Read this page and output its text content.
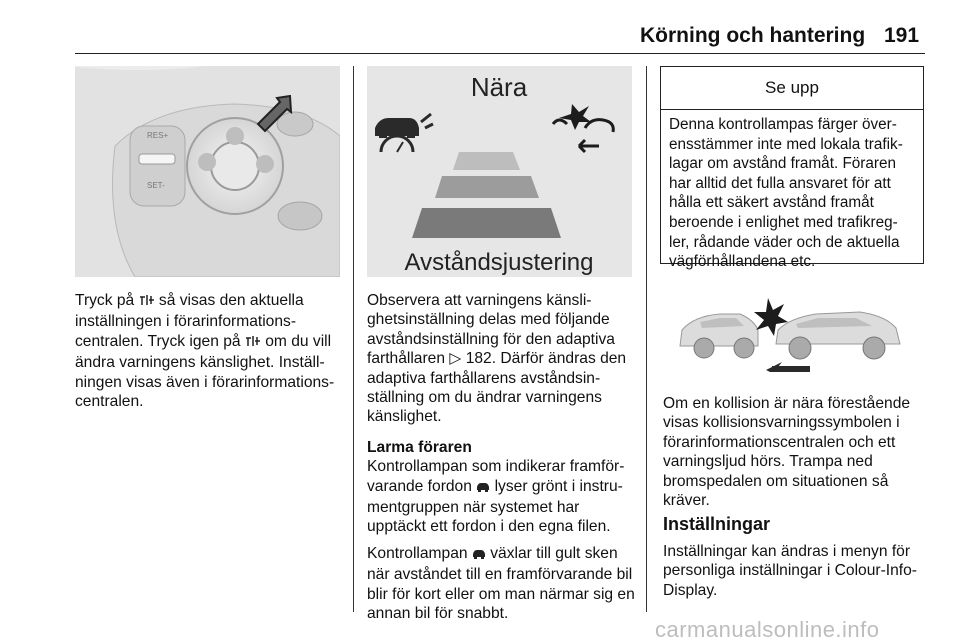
Körning och hantering 191
RES+
SET-
Nära
Avståndsjustering

Tryck på så visas den aktuella inställningen i förarinformations-centralen. Tryck igen på om du vill ändra varningens känslighet. Inställ-ningen visas även i förarinformations-centralen.

Observera att varningens känsli-ghetsinställning delas med följande avståndsinställning för den adaptiva farthållaren ▷ 182. Därför ändras den adaptiva farthållarens avståndsin-ställning om du ändrar varningens känslighet.

Larma föraren

Kontrollampan som indikerar framför-varande fordon lyser grönt i instru-mentgruppen när systemet har upptäckt ett fordon i den egna filen.

Kontrollampan växlar till gult sken när avståndet till en framförvarande bil blir för kort eller om man närmar sig en annan bil för snabbt.

Se upp
Denna kontrollampas färger över-ensstämmer inte med lokala trafik-lagar om avstånd framåt. Föraren har alltid det fulla ansvaret för att hålla ett säkert avstånd framåt beroende i enlighet med trafikreg-ler, rådande väder och de aktuella vägförhållandena etc.

Om en kollision är nära förestående visas kollisionsvarningssymbolen i förarinformationscentralen och ett varningsljud hörs. Trampa ned bromspedalen om situationen så kräver.

Inställningar

Inställningar kan ändras i menyn för personliga inställningar i Colour-Info-Display.

carmanualsonline.info
